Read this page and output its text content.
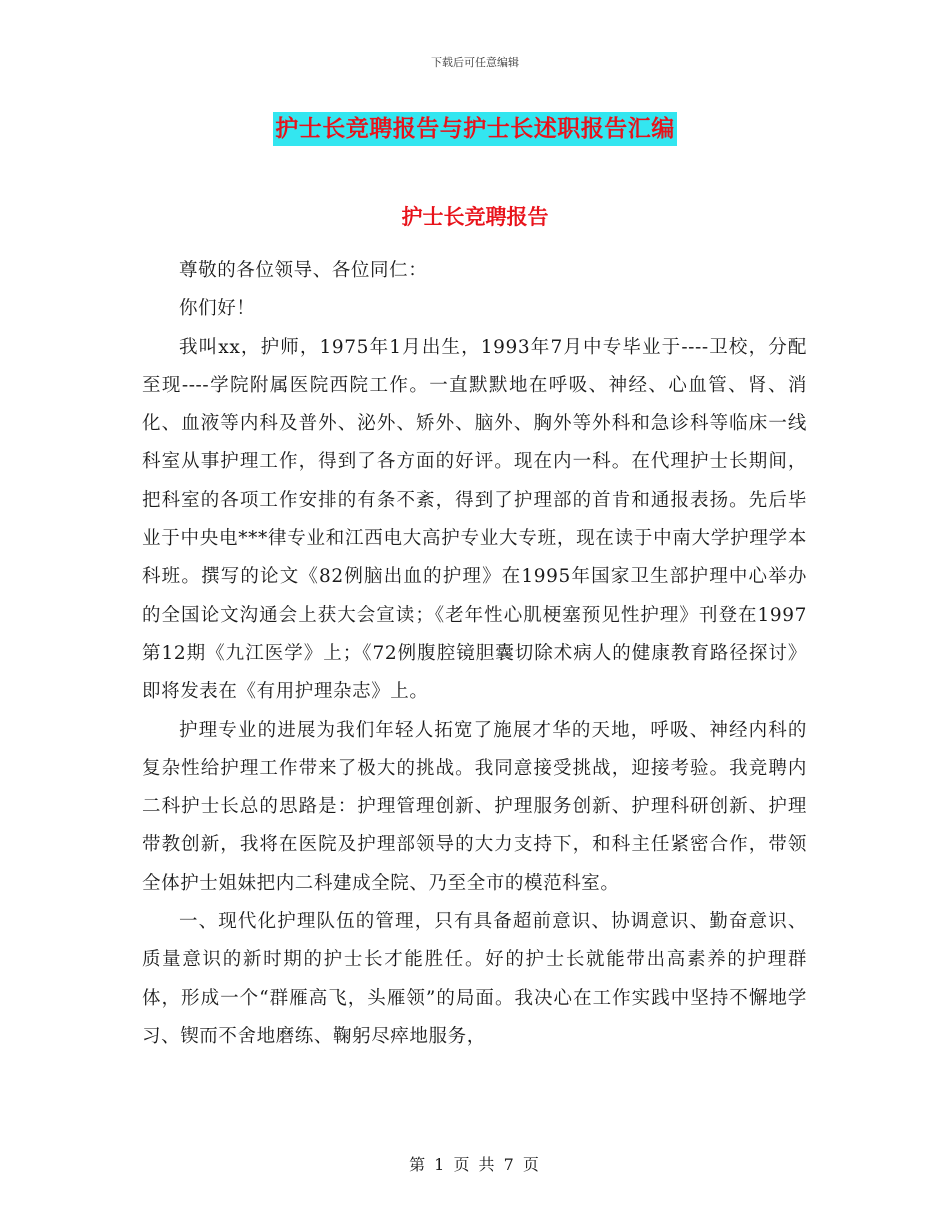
下载后可任意编辑
护士长竞聘报告与护士长述职报告汇编
护士长竞聘报告

尊敬的各位领导、各位同仁：

你们好！

我叫xx，护师，1975年1月出生，1993年7月中专毕业于----卫校，分配至现----学院附属医院西院工作。一直默默地在呼吸、神经、心血管、肾、消化、血液等内科及普外、泌外、矫外、脑外、胸外等外科和急诊科等临床一线科室从事护理工作，得到了各方面的好评。现在内一科。在代理护士长期间，把科室的各项工作安排的有条不紊，得到了护理部的首肯和通报表扬。先后毕业于中央电***律专业和江西电大高护专业大专班，现在读于中南大学护理学本科班。撰写的论文《82例脑出血的护理》在1995年国家卫生部护理中心举办的全国论文沟通会上获大会宣读；《老年性心肌梗塞预见性护理》刊登在1997第12期《九江医学》上；《72例腹腔镜胆囊切除术病人的健康教育路径探讨》即将发表在《有用护理杂志》上。

护理专业的进展为我们年轻人拓宽了施展才华的天地，呼吸、神经内科的复杂性给护理工作带来了极大的挑战。我同意接受挑战，迎接考验。我竞聘内二科护士长总的思路是：护理管理创新、护理服务创新、护理科研创新、护理带教创新，我将在医院及护理部领导的大力支持下，和科主任紧密合作，带领全体护士姐妹把内二科建成全院、乃至全市的模范科室。

一、现代化护理队伍的管理，只有具备超前意识、协调意识、勤奋意识、质量意识的新时期的护士长才能胜任。好的护士长就能带出高素养的护理群体，形成一个“群雁高飞，头雁领”的局面。我决心在工作实践中坚持不懈地学习、锲而不舍地磨练、鞠躬尽瘁地服务，

第 1 页 共 7 页
